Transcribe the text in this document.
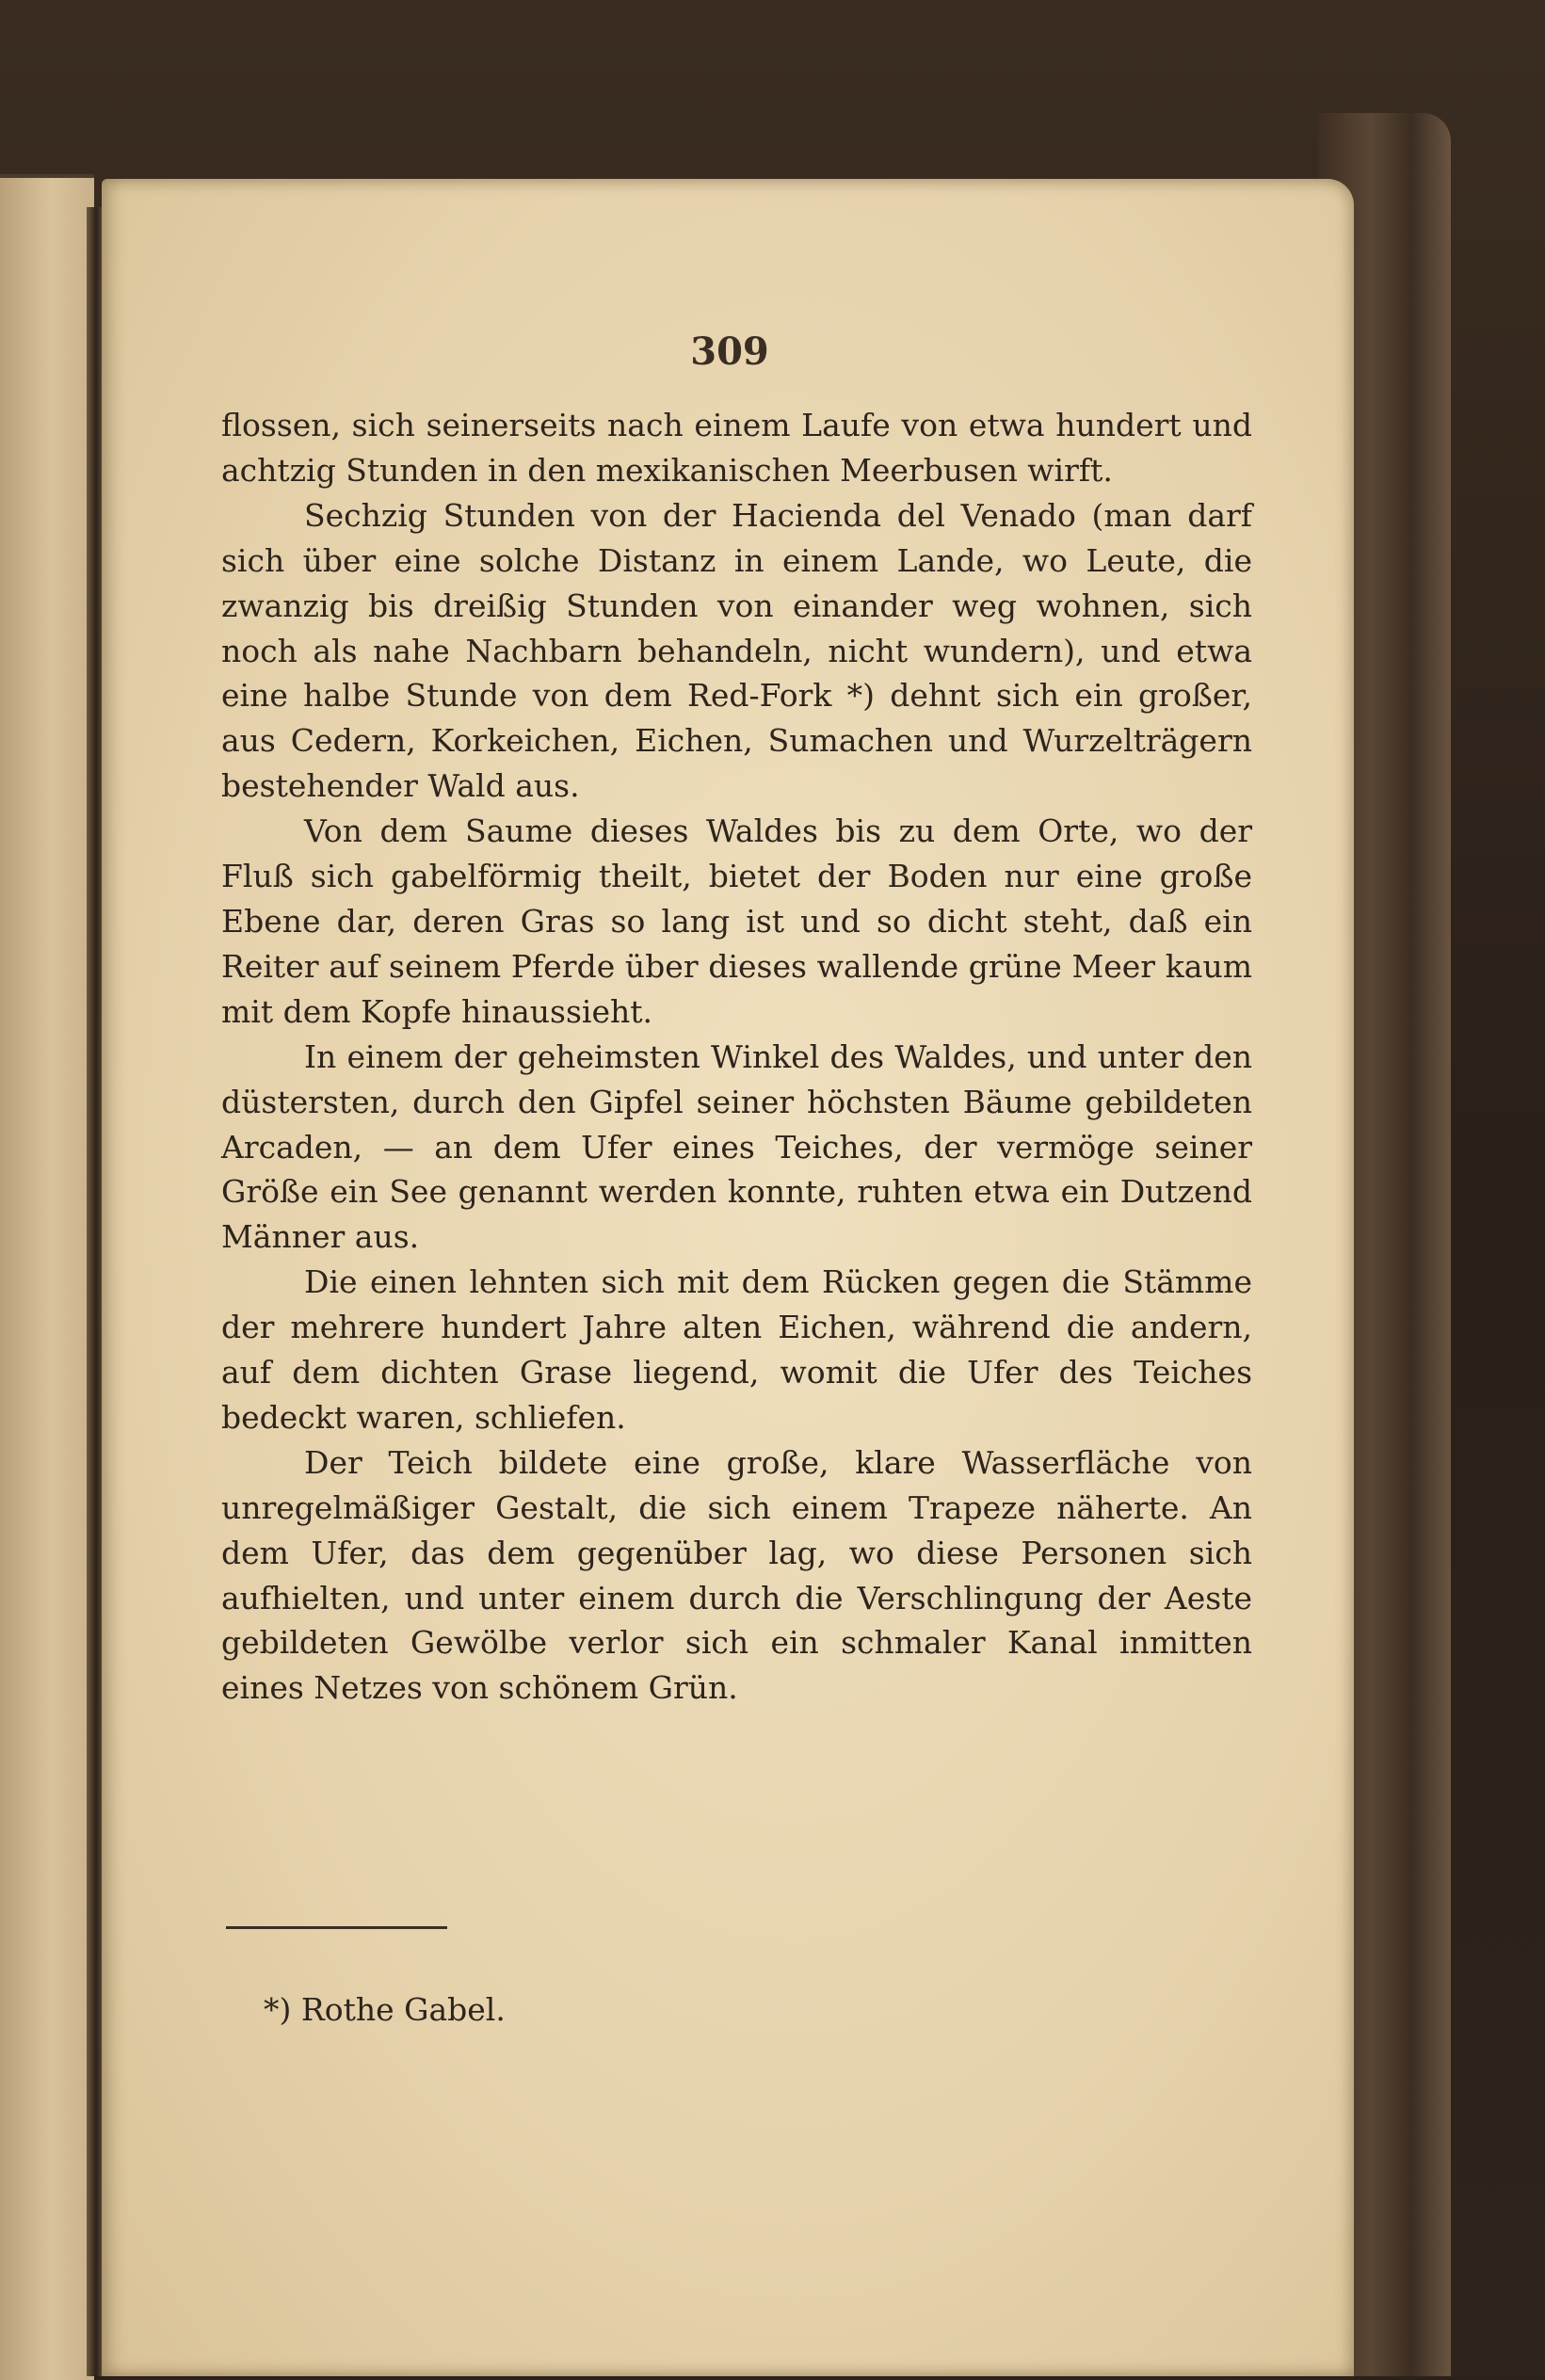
309

flossen, sich seinerseits nach einem Laufe von etwa hundert und achtzig Stunden in den mexikanischen Meerbusen wirft.

Sechzig Stunden von der Hacienda del Venado (man darf sich über eine solche Distanz in einem Lande, wo Leute, die zwanzig bis dreißig Stunden von einander weg wohnen, sich noch als nahe Nachbarn behandeln, nicht wundern), und etwa eine halbe Stunde von dem Red-Fork *) dehnt sich ein großer, aus Cedern, Korkeichen, Eichen, Sumachen und Wurzelträgern bestehender Wald aus.

Von dem Saume dieses Waldes bis zu dem Orte, wo der Fluß sich gabelförmig theilt, bietet der Boden nur eine große Ebene dar, deren Gras so lang ist und so dicht steht, daß ein Reiter auf seinem Pferde über dieses wallende grüne Meer kaum mit dem Kopfe hinaussieht.

In einem der geheimsten Winkel des Waldes, und unter den düstersten, durch den Gipfel seiner höchsten Bäume gebildeten Arcaden, — an dem Ufer eines Teiches, der vermöge seiner Größe ein See genannt werden konnte, ruhten etwa ein Dutzend Männer aus.

Die einen lehnten sich mit dem Rücken gegen die Stämme der mehrere hundert Jahre alten Eichen, während die andern, auf dem dichten Grase liegend, womit die Ufer des Teiches bedeckt waren, schliefen.

Der Teich bildete eine große, klare Wasserfläche von unregelmäßiger Gestalt, die sich einem Trapeze näherte. An dem Ufer, das dem gegenüber lag, wo diese Personen sich aufhielten, und unter einem durch die Verschlingung der Aeste gebildeten Gewölbe verlor sich ein schmaler Kanal inmitten eines Netzes von schönem Grün.

*) Rothe Gabel.
